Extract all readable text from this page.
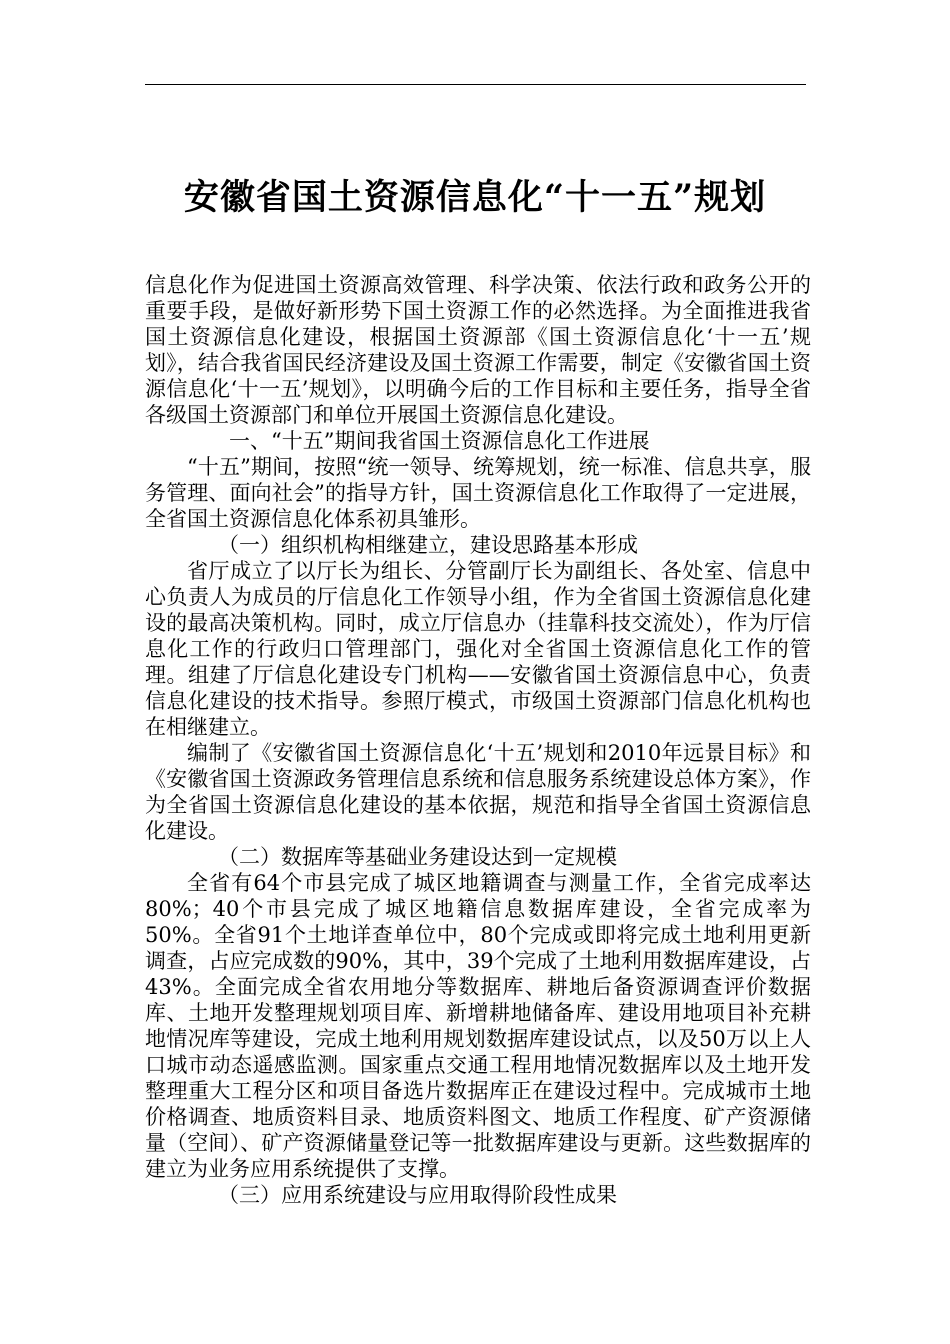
安徽省国土资源信息化“十一五”规划

信息化作为促进国土资源高效管理、科学决策、依法行政和政务公开的重要手段，是做好新形势下国土资源工作的必然选择。为全面推进我省国土资源信息化建设，根据国土资源部《国土资源信息化‘十一五’规划》，结合我省国民经济建设及国土资源工作需要，制定《安徽省国土资源信息化‘十一五’规划》，以明确今后的工作目标和主要任务，指导全省各级国土资源部门和单位开展国土资源信息化建设。

一、“十五”期间我省国土资源信息化工作进展

“十五”期间，按照“统一领导、统筹规划，统一标准、信息共享，服务管理、面向社会”的指导方针，国土资源信息化工作取得了一定进展，全省国土资源信息化体系初具雏形。

（一）组织机构相继建立，建设思路基本形成

省厅成立了以厅长为组长、分管副厅长为副组长、各处室、信息中心负责人为成员的厅信息化工作领导小组，作为全省国土资源信息化建设的最高决策机构。同时，成立厅信息办（挂靠科技交流处），作为厅信息化工作的行政归口管理部门，强化对全省国土资源信息化工作的管理。组建了厅信息化建设专门机构——安徽省国土资源信息中心，负责信息化建设的技术指导。参照厅模式，市级国土资源部门信息化机构也在相继建立。

编制了《安徽省国土资源信息化‘十五’规划和2010年远景目标》和《安徽省国土资源政务管理信息系统和信息服务系统建设总体方案》，作为全省国土资源信息化建设的基本依据，规范和指导全省国土资源信息化建设。

（二）数据库等基础业务建设达到一定规模

全省有64个市县完成了城区地籍调查与测量工作，全省完成率达80%；40个市县完成了城区地籍信息数据库建设，全省完成率为50%。全省91个土地详查单位中，80个完成或即将完成土地利用更新调查，占应完成数的90%，其中，39个完成了土地利用数据库建设，占43%。全面完成全省农用地分等数据库、耕地后备资源调查评价数据库、土地开发整理规划项目库、新增耕地储备库、建设用地项目补充耕地情况库等建设，完成土地利用规划数据库建设试点，以及50万以上人口城市动态遥感监测。国家重点交通工程用地情况数据库以及土地开发整理重大工程分区和项目备选片数据库正在建设过程中。完成城市土地价格调查、地质资料目录、地质资料图文、地质工作程度、矿产资源储量（空间）、矿产资源储量登记等一批数据库建设与更新。这些数据库的建立为业务应用系统提供了支撑。

（三）应用系统建设与应用取得阶段性成果
